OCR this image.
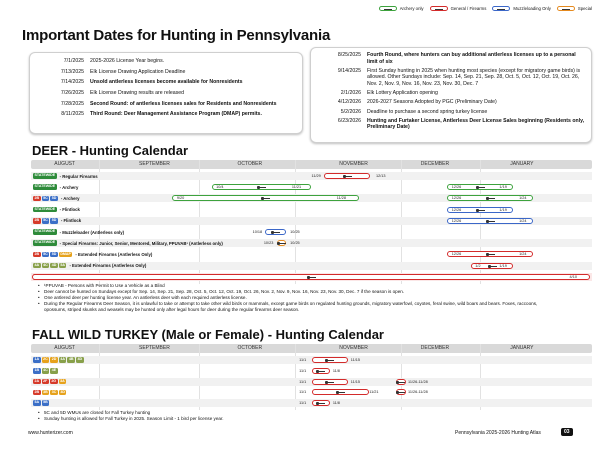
Important Dates for Hunting in Pennsylvania
Archery only	General / Firearms	Muzzleloading Only	Special
7/1/2025	2025-2026 License Year begins.
7/13/2025	Elk License Drawing Application Deadline
7/14/2025	Unsold antlerless licenses become available for Nonresidents
7/26/2025	Elk License Drawing results are released
7/28/2025	Second Round: of antlerless licenses sales for Residents and Nonresidents
8/11/2025	Third Round: Deer Management Assistance Program (DMAP) permits.
8/25/2025	Fourth Round, where hunters can buy additional antlerless licenses up to a personal limit of six
9/14/2025	First Sunday hunting in 2025 when hunting most species (except for migratory game birds) is allowed. Other Sundays include: Sep. 14, Sep. 21, Sep. 28, Oct. 5, Oct. 12, Oct. 19, Oct. 26, Nov. 2, Nov. 9, Nov. 16, Nov. 23, Nov. 30, Dec. 7
2/1/2026	Elk Lottery Application opening
4/12/2026	2026-2027 Seasons Adopted by PGC (Preliminary Date)
5/2/2026	Deadline to purchase a second spring turkey license
6/23/2026	Hunting and Furtaker License, Antlerless Deer License Sales beginning (Residents only, Preliminary Date)
DEER - Hunting Calendar
AUGUST	SEPTEMBER	OCTOBER	NOVEMBER	DECEMBER	JANUARY
STATEWIDE	- Regular Firearms	11/29	12/13
STATEWIDE	- Archery	10/4	11/21	12/26	1/19
2B	5C	5D	- Archery	9/20	11/28	12/26	1/24
STATEWIDE	- Flintlock	12/26	1/19
2B	5C	5D	- Flintlock	12/26	1/24
STATEWIDE	- Muzzleloader (Antlerless only)	10/18	10/25
STATEWIDE	- Special Firearms: Junior, Senior, Mentored, Military, PPUVAB¹ (Antlerless only)	10/23	10/25
2B	5C	5D	DMAP	- Extended Firearms (Antlerless Only)	12/26	1/24
4A	4C	4D	5A	- Extended Firearms (Antlerless Only)	1/2	1/19
4/10
• ¹PPUVAB - Persons with Permit to Use a Vehicle as a Blind
• Deer cannot be hunted on Sundays except for Sep. 14, Sep. 21, Sep. 28, Oct. 5, Oct. 12, Oct. 19, Oct. 26, Nov. 2, Nov. 9, Nov. 16, Nov. 23, Nov. 30, Dec. 7 if the season is open.
• One antlered deer per hunting license year. An antlerless deer with each required antlerless license.
• During the Regular Firearms Deer Season, it is unlawful to take or attempt to take other wild birds or mammals, except game birds on regulated hunting grounds, migratory waterfowl, coyotes, feral swine, wild boars and bears. Foxes, raccoons, opossums, striped skunks and weasels may be hunted only after legal hours for deer during the regular firearms deer season.
FALL WILD TURKEY (Male or Female) - Hunting Calendar
AUGUST	SEPTEMBER	OCTOBER	NOVEMBER	DECEMBER	JANUARY
1A	2C	2D	4A	4B	4D	11/1	11/15
1B	4C	4E	11/1	11/8
2A	2F	2G	3A	11/1	11/15	11/26-11/28
2B	3B	3C	3D	11/1	11/21	11/26-11/28
5A	5B	11/1	11/8
• 5C and 5D WMUs are closed for Fall Turkey hunting
• Sunday hunting is allowed for Fall Turkey in 2025. Season Limit - 1 bird per license year.
www.hunterizer.com	Pennsylvania 2025-2026 Hunting Atlas	03
